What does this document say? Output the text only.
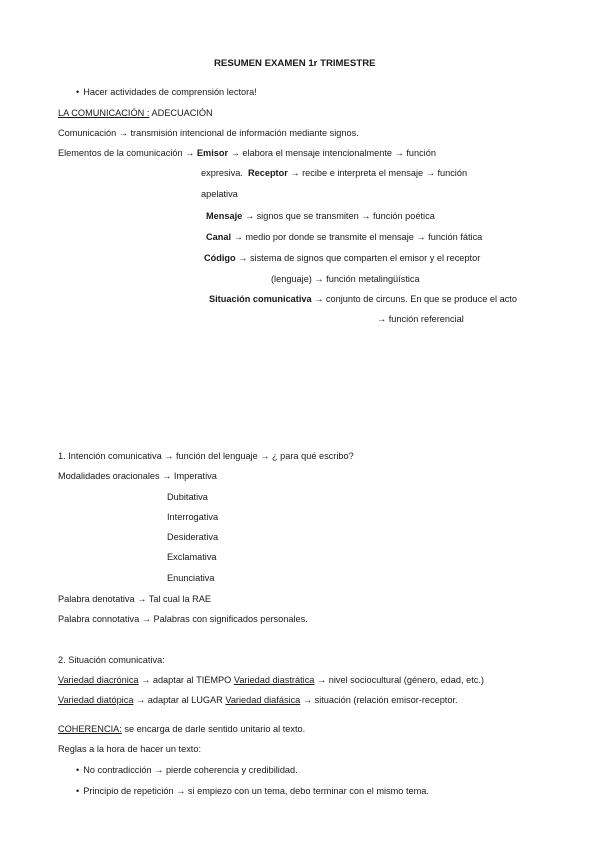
RESUMEN EXAMEN 1r TRIMESTRE
• Hacer actividades de comprensión lectora!
LA COMUNICACIÓN : ADECUACIÓN
Comunicación → transmisión intencional de información mediante signos.
Elementos de la comunicación → Emisor → elabora el mensaje intencionalmente → función
expresiva. Receptor → recibe e interpreta el mensaje → función
apelativa
Mensaje → signos que se transmiten → función poética
Canal → medio por donde se transmite el mensaje → función fática
Código → sistema de signos que comparten el emisor y el receptor
(lenguaje) → función metalingüística
Situación comunicativa → conjunto de circuns. En que se produce el acto
→ función referencial
1. Intención comunicativa → función del lenguaje → ¿ para qué escribo?
Modalidades oracionales → Imperativa
Dubitativa
Interrogativa
Desiderativa
Exclamativa
Enunciativa
Palabra denotativa → Tal cual la RAE
Palabra connotativa → Palabras con significados personales.
2. Situación comunicativa:
Variedad diacrónica → adaptar al TIEMPO Variedad diastrática → nivel sociocultural (género, edad, etc.)
Variedad diatópica → adaptar al LUGAR Variedad diafásica → situación (relación emisor-receptor.
COHERENCIA: se encarga de darle sentido unitario al texto.
Reglas a la hora de hacer un texto:
• No contradicción → pierde coherencia y credibilidad.
• Principio de repetición → si empiezo con un tema, debo terminar con el mismo tema.
